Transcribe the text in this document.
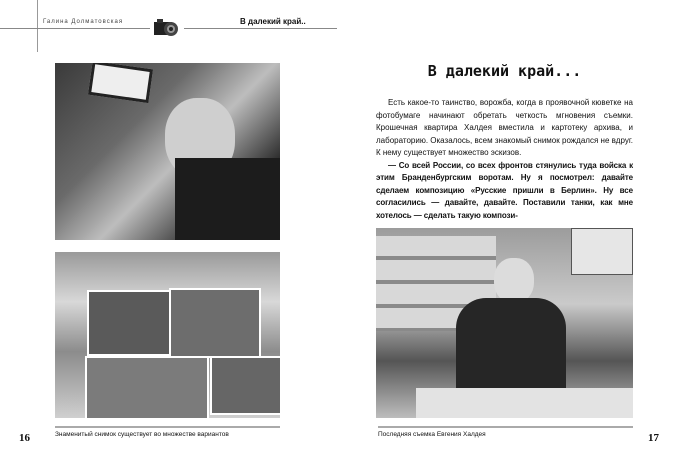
Галина Долматовская	В далекий край..
В далекий край...

Есть какое-то таинство, ворожба, когда в проявочной кюветке на фотобумаге начинают обретать четкость мгновения съемки. Крошечная квартира Халдея вместила и картотеку архива, и лабораторию. Оказалось, всем знакомый снимок рождался не вдруг. К нему существует множество эскизов.

— Со всей России, со всех фронтов стянулись туда войска к этим Бранденбургским воротам. Ну я посмотрел: давайте сделаем композицию «Русские пришли в Берлин». Ну все согласились — давайте, давайте. Поставили танки, как мне хотелось — сделать такую компози-

Знаменитый снимок существует во множестве вариантов	Последняя съемка Евгения Халдея
16	17
